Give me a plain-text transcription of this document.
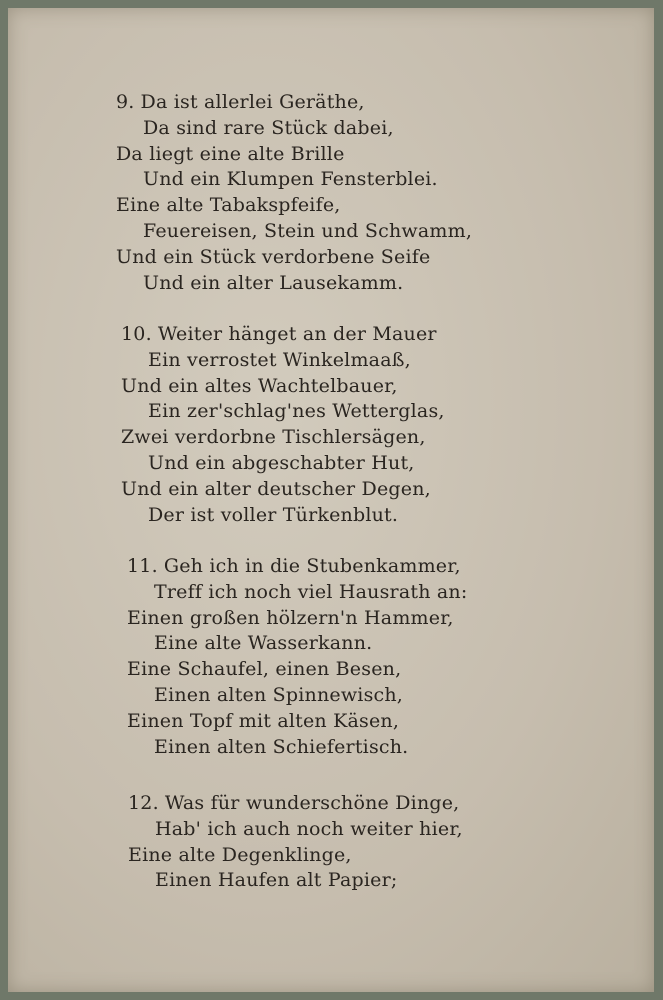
9. Da ist allerlei Geräthe,
Da sind rare Stück dabei,
Da liegt eine alte Brille
Und ein Klumpen Fensterblei.
Eine alte Tabakspfeife,
Feuereisen, Stein und Schwamm,
Und ein Stück verdorbene Seife
Und ein alter Lausekamm.
10. Weiter hänget an der Mauer
Ein verrostet Winkelmaaß,
Und ein altes Wachtelbauer,
Ein zer'schlag'nes Wetterglas,
Zwei verdorbne Tischlersägen,
Und ein abgeschabter Hut,
Und ein alter deutscher Degen,
Der ist voller Türkenblut.
11. Geh ich in die Stubenkammer,
Treff ich noch viel Hausrath an:
Einen großen hölzern'n Hammer,
Eine alte Wasserkann.
Eine Schaufel, einen Besen,
Einen alten Spinnewisch,
Einen Topf mit alten Käsen,
Einen alten Schiefertisch.
12. Was für wunderschöne Dinge,
Hab' ich auch noch weiter hier,
Eine alte Degenklinge,
Einen Haufen alt Papier;
